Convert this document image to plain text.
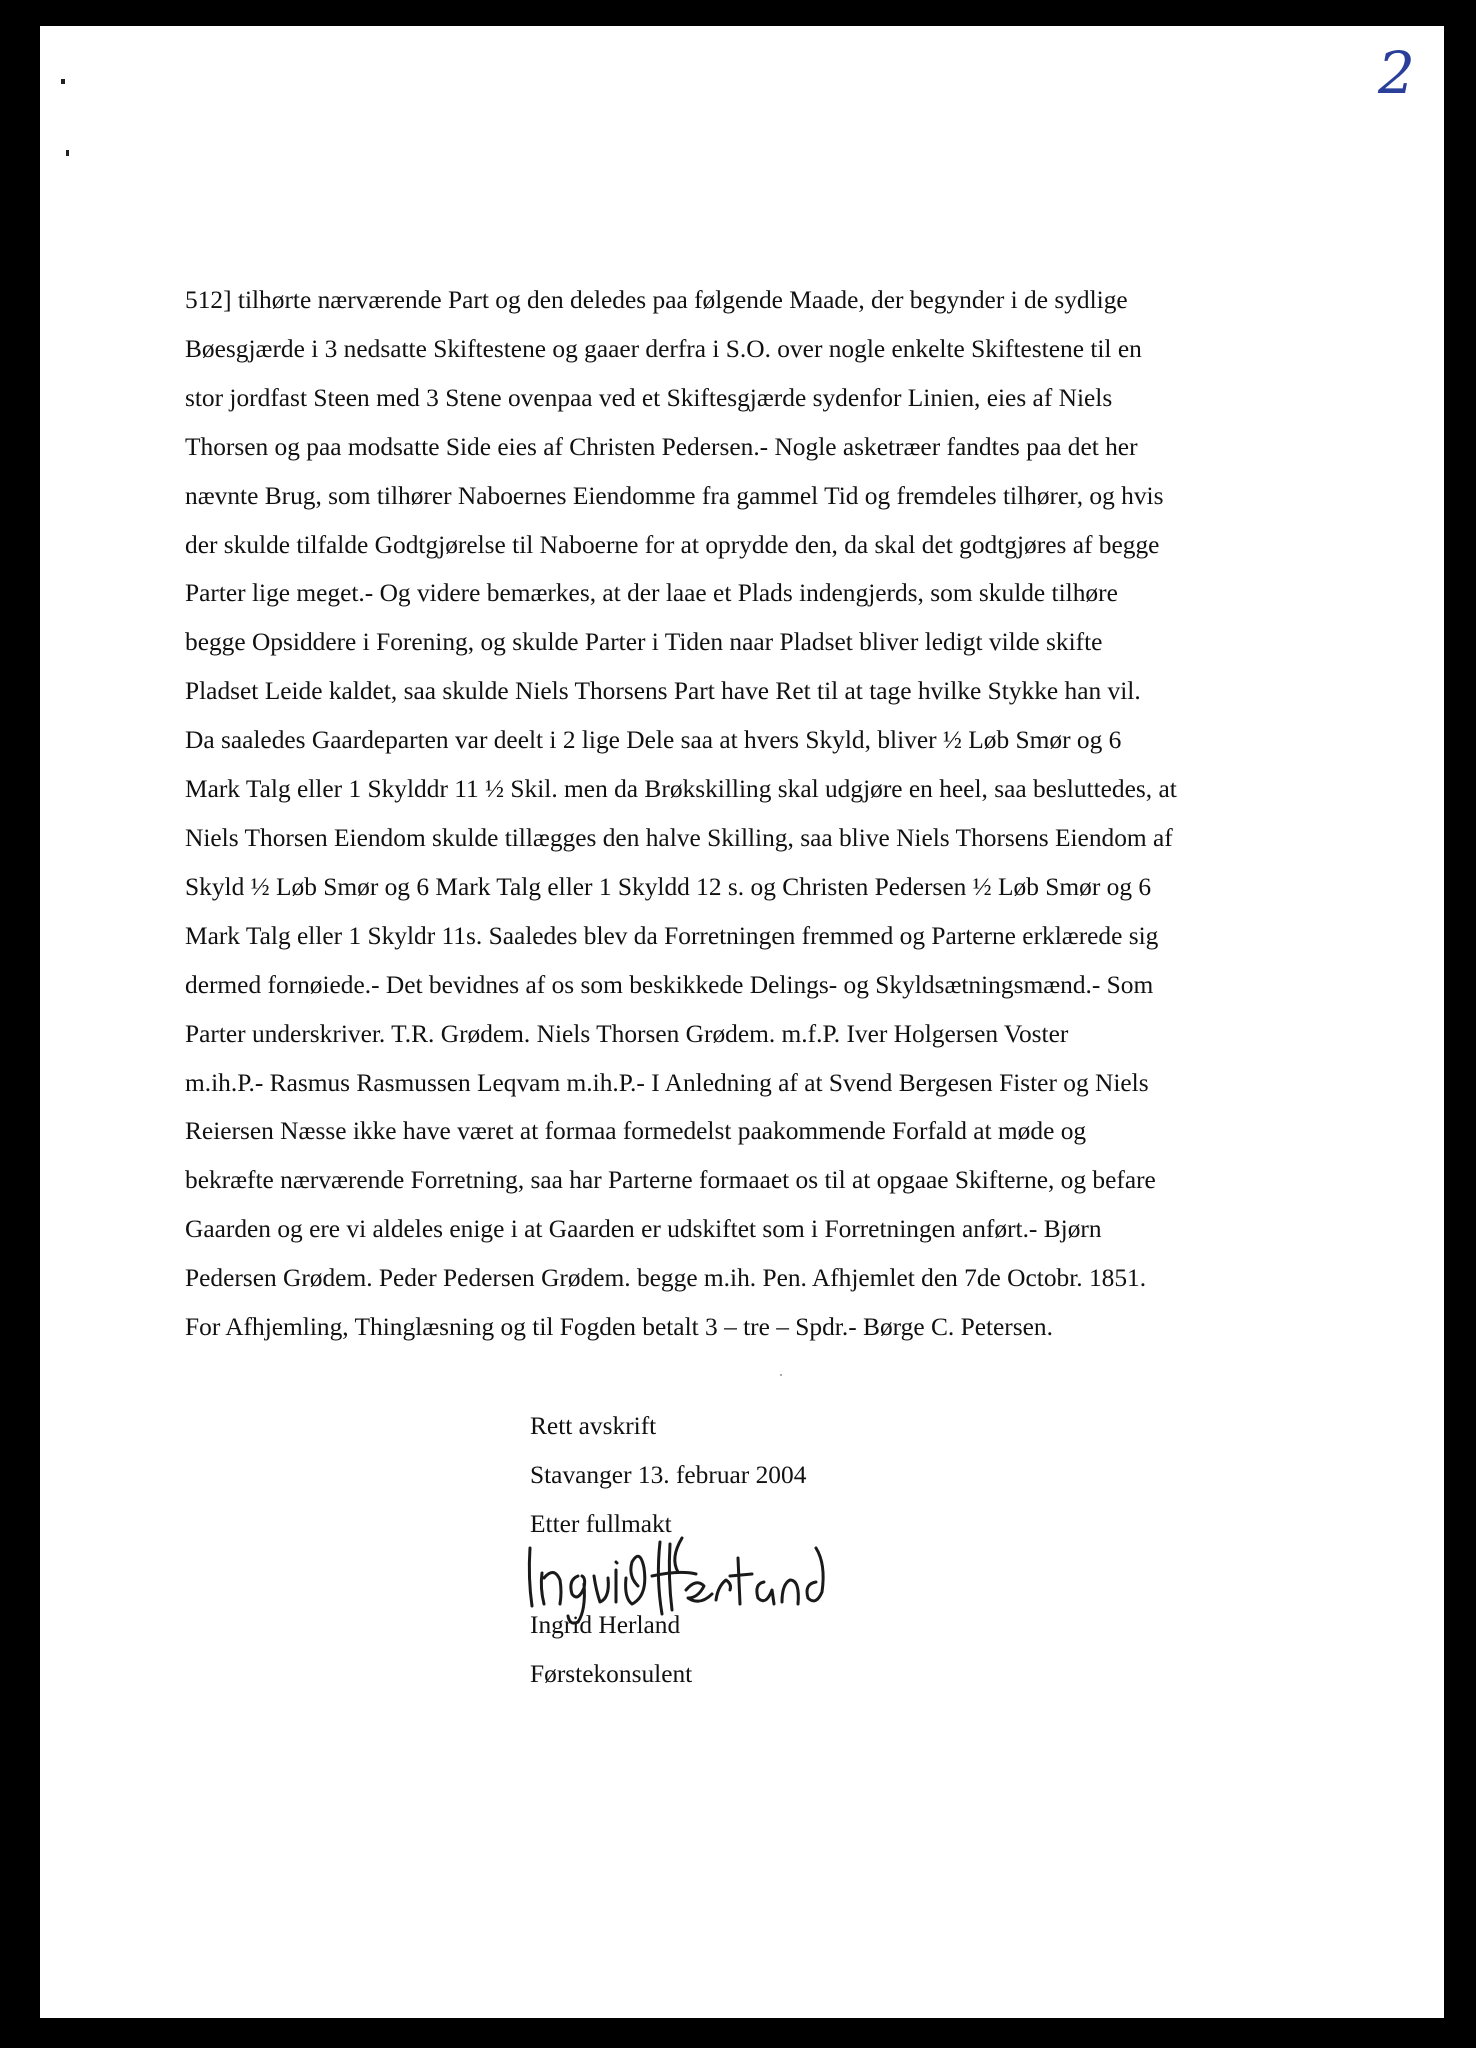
2

512] tilhørte nærværende Part og den deledes paa følgende Maade, der begynder i de sydlige
Bøesgjærde i 3 nedsatte Skiftestene og gaaer derfra i S.O. over nogle enkelte Skiftestene til en
stor jordfast Steen med 3 Stene ovenpaa ved et Skiftesgjærde sydenfor Linien, eies af Niels
Thorsen og paa modsatte Side eies af Christen Pedersen.- Nogle asketræer fandtes paa det her
nævnte Brug, som tilhører Naboernes Eiendomme fra gammel Tid og fremdeles tilhører, og hvis
der skulde tilfalde Godtgjørelse til Naboerne for at oprydde den, da skal det godtgjøres af begge
Parter lige meget.- Og videre bemærkes, at der laae et Plads indengjerds, som skulde tilhøre
begge Opsiddere i Forening, og skulde Parter i Tiden naar Pladset bliver ledigt vilde skifte
Pladset Leide kaldet, saa skulde Niels Thorsens Part have Ret til at tage hvilke Stykke han vil.
Da saaledes Gaardeparten var deelt i 2 lige Dele saa at hvers Skyld, bliver ½ Løb Smør og 6
Mark Talg eller 1 Skylddr 11 ½ Skil. men da Brøkskilling skal udgjøre en heel, saa besluttedes, at
Niels Thorsen Eiendom skulde tillægges den halve Skilling, saa blive Niels Thorsens Eiendom af
Skyld ½ Løb Smør og 6 Mark Talg eller 1 Skyldd 12 s. og Christen Pedersen ½ Løb Smør og 6
Mark Talg eller 1 Skyldr 11s. Saaledes blev da Forretningen fremmed og Parterne erklærede sig
dermed fornøiede.- Det bevidnes af os som beskikkede Delings- og Skyldsætningsmænd.- Som
Parter underskriver. T.R. Grødem. Niels Thorsen Grødem. m.f.P. Iver Holgersen Voster
m.ih.P.- Rasmus Rasmussen Leqvam m.ih.P.- I Anledning af at Svend Bergesen Fister og Niels
Reiersen Næsse ikke have været at formaa formedelst paakommende Forfald at møde og
bekræfte nærværende Forretning, saa har Parterne formaaet os til at opgaae Skifterne, og befare
Gaarden og ere vi aldeles enige i at Gaarden er udskiftet som i Forretningen anført.- Bjørn
Pedersen Grødem. Peder Pedersen Grødem. begge m.ih. Pen. Afhjemlet den 7de Octobr. 1851.
For Afhjemling, Thinglæsning og til Fogden betalt 3 – tre – Spdr.- Børge C. Petersen.

Rett avskrift
Stavanger 13. februar 2004
Etter fullmakt
Ingrid Herland
Førstekonsulent
